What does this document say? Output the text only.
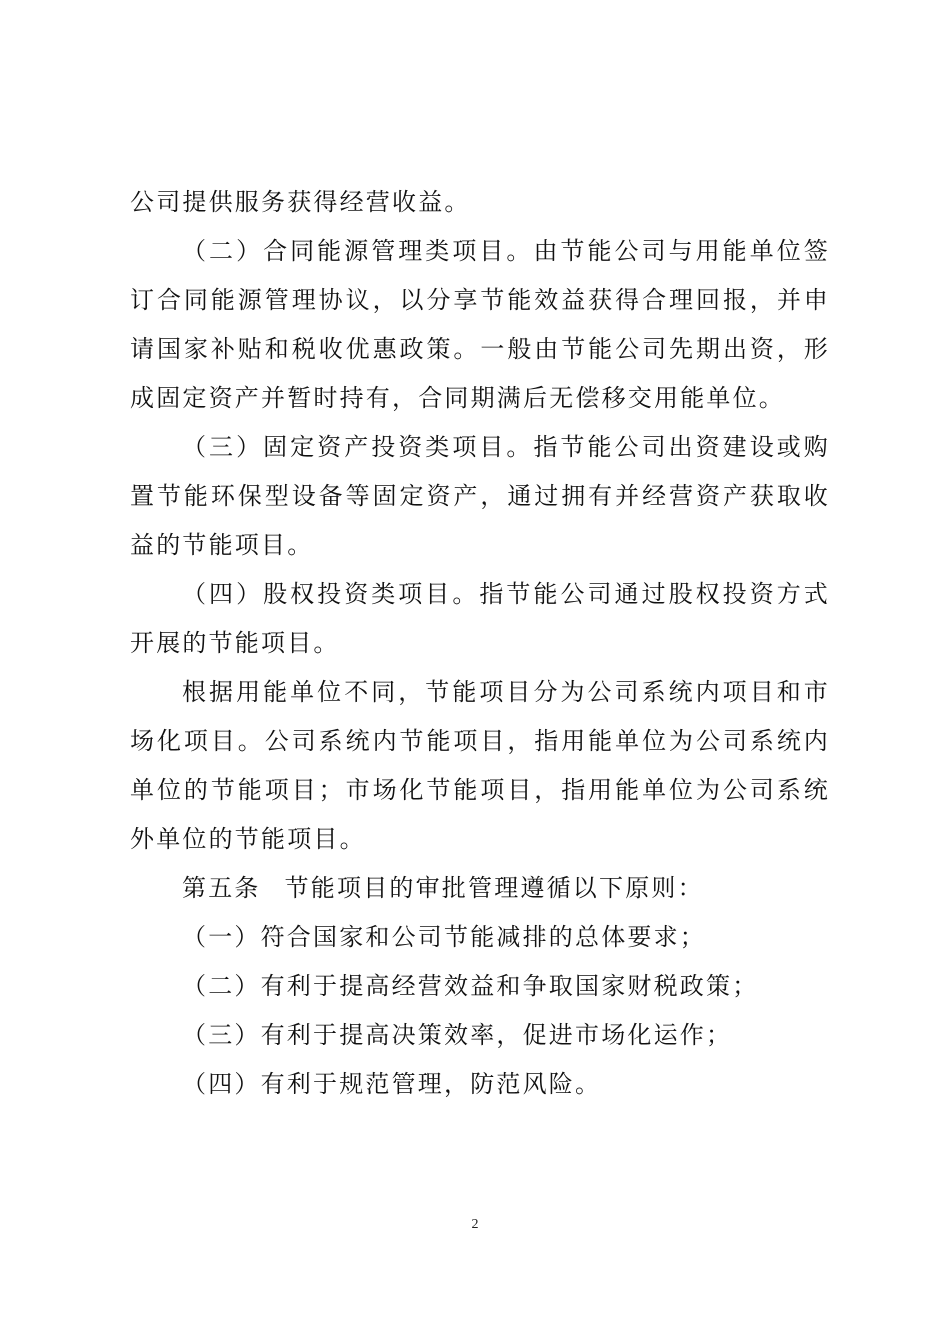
公司提供服务获得经营收益。

（二）合同能源管理类项目。由节能公司与用能单位签订合同能源管理协议，以分享节能效益获得合理回报，并申请国家补贴和税收优惠政策。一般由节能公司先期出资，形成固定资产并暂时持有，合同期满后无偿移交用能单位。

（三）固定资产投资类项目。指节能公司出资建设或购置节能环保型设备等固定资产，通过拥有并经营资产获取收益的节能项目。

（四）股权投资类项目。指节能公司通过股权投资方式开展的节能项目。

根据用能单位不同，节能项目分为公司系统内项目和市场化项目。公司系统内节能项目，指用能单位为公司系统内单位的节能项目；市场化节能项目，指用能单位为公司系统外单位的节能项目。

第五条 节能项目的审批管理遵循以下原则：

（一）符合国家和公司节能减排的总体要求；

（二）有利于提高经营效益和争取国家财税政策；

（三）有利于提高决策效率，促进市场化运作；

（四）有利于规范管理，防范风险。

2
